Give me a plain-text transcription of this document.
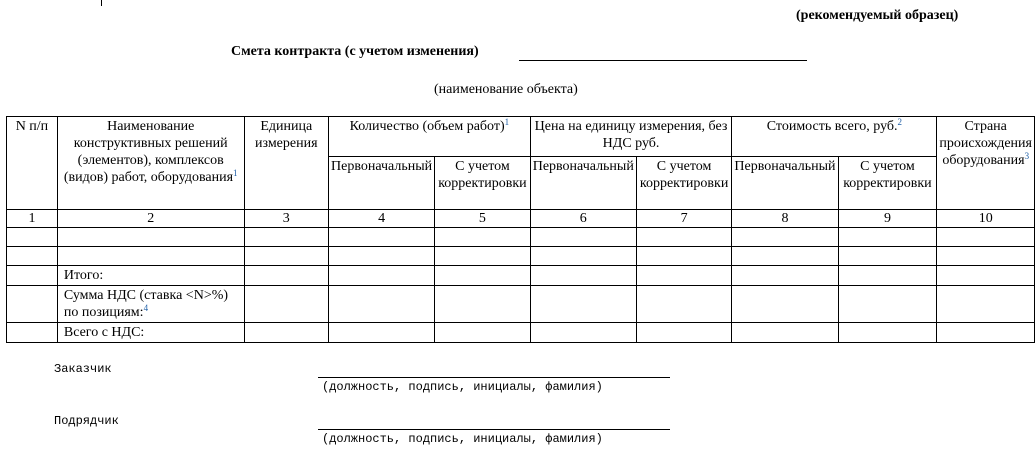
(рекомендуемый образец)
Смета контракта (с учетом изменения)
(наименование объекта)
N п/п	Наименование конструктивных решений (элементов), комплексов (видов) работ, оборудования$^1$	Единица измерения	Количество (объем работ)$^1$		Цена на единицу измерения, без НДС руб.		Стоимость всего, руб.$^2$		Страна происхождения оборудования$^3$
			Первоначальный	С учетом корректировки	Первоначальный	С учетом корректировки	Первоначальный	С учетом корректировки	
1	2	3	4	5	6	7	8	9	10

	Итого:								
	Сумма НДС (ставка <N>%) по позициям:$^4$								
	Всего с НДС:								
Заказчик
(должность, подпись, инициалы, фамилия)
Подрядчик
(должность, подпись, инициалы, фамилия)
